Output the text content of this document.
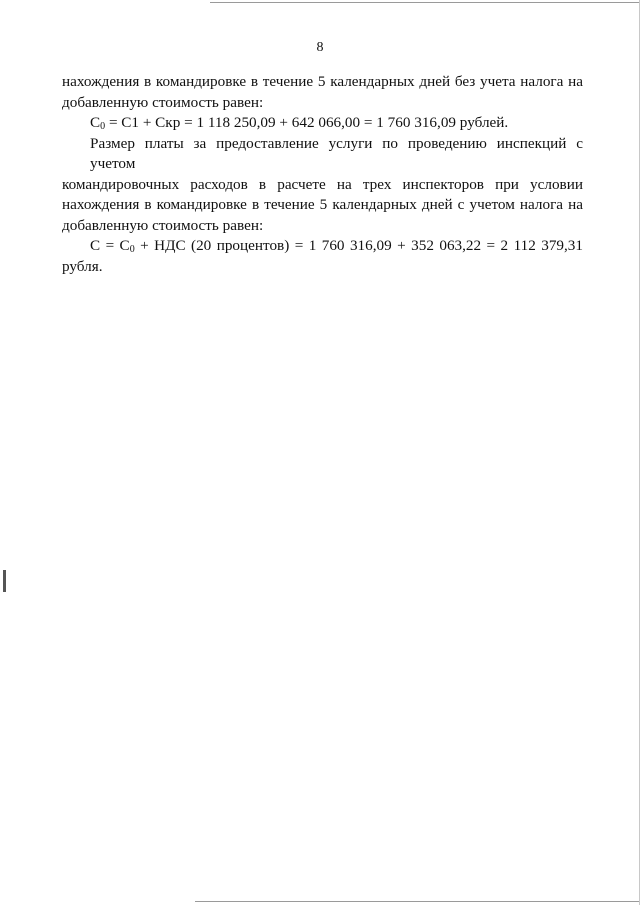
8
нахождения в командировке в течение 5 календарных дней без учета налога на
добавленную стоимость равен:
$С_0 = С1$ + Скр = 1 118 250,09 + 642 066,00 = 1 760 316,09 рублей.
Размер платы за предоставление услуги по проведению инспекций с учетом
командировочных расходов в расчете на трех инспекторов при условии
нахождения в командировке в течение 5 календарных дней с учетом налога на
добавленную стоимость равен:
$С = С_0$ + НДС (20 процентов) = 1 760 316,09 + 352 063,22 = 2 112 379,31
рубля.
